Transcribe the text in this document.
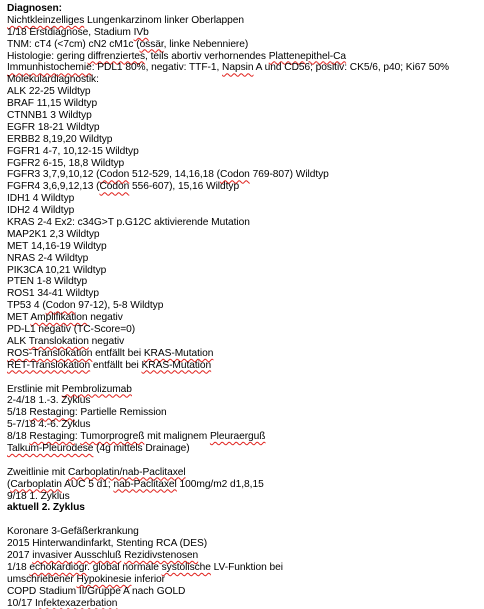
Diagnosen:
Nichtkleinzelliges Lungenkarzinom linker Oberlappen
1/18 Erstdiagnose, Stadium IVb
TNM: cT4 (<7cm) cN2 cM1c (ossär, linke Nebenniere)
Histologie: gering diffrenziertes, teils abortiv verhornendes Plattenepithel-Ca
Immunhistochemie: PDL1 80%, negativ: TTF-1, Napsin A und CD56; positiv: CK5/6, p40; Ki67 50%
Molekulardiagnostik:
ALK 22-25 Wildtyp
BRAF 11,15 Wildtyp
CTNNB1 3 Wildtyp
EGFR 18-21 Wildtyp
ERBB2 8,19,20 Wildtyp
FGFR1 4-7, 10,12-15 Wildtyp
FGFR2 6-15, 18,8 Wildtyp
FGFR3 3,7,9,10,12 (Codon 512-529, 14,16,18 (Codon 769-807) Wildtyp
FGFR4 3,6,9,12,13 (Codon 556-607), 15,16 Wildtyp
IDH1 4 Wildtyp
IDH2 4 Wildtyp
KRAS 2-4 Ex2: c34G>T p.G12C aktivierende Mutation
MAP2K1 2,3 Wildtyp
MET 14,16-19 Wildtyp
NRAS 2-4 Wildtyp
PIK3CA 10,21 Wildtyp
PTEN 1-8 Wildtyp
ROS1 34-41 Wildtyp
TP53 4 (Codon 97-12), 5-8 Wildtyp
MET Amplifikation negativ
PD-L1 negativ (TC-Score=0)
ALK Translokation negativ
ROS-Translokation entfällt bei KRAS-Mutation
RET-Translokation entfällt bei KRAS-Mutation
Erstlinie mit Pembrolizumab
2-4/18 1.-3. Zyklus
5/18 Restaging: Partielle Remission
5-7/18 4.-6. Zyklus
8/18 Restaging: Tumorprogreß mit malignem Pleuraerguß
Talkum-Pleurodese (4g mittels Drainage)
Zweitlinie mit Carboplatin/nab-Paclitaxel
(Carboplatin AUC 5 d1; nab-Paclitaxel 100mg/m2 d1,8,15
9/18 1. Zyklus
aktuell 2. Zyklus
Koronare 3-Gefäßerkrankung
2015 Hinterwandinfarkt, Stenting RCA (DES)
2017 invasiver Ausschluß Rezidivstenosen
1/18 echokardiogr. global normale systolische LV-Funktion bei
umschriebener Hypokinesie inferior
COPD Stadium II/Gruppe A nach GOLD
10/17 Infektexazerbation
